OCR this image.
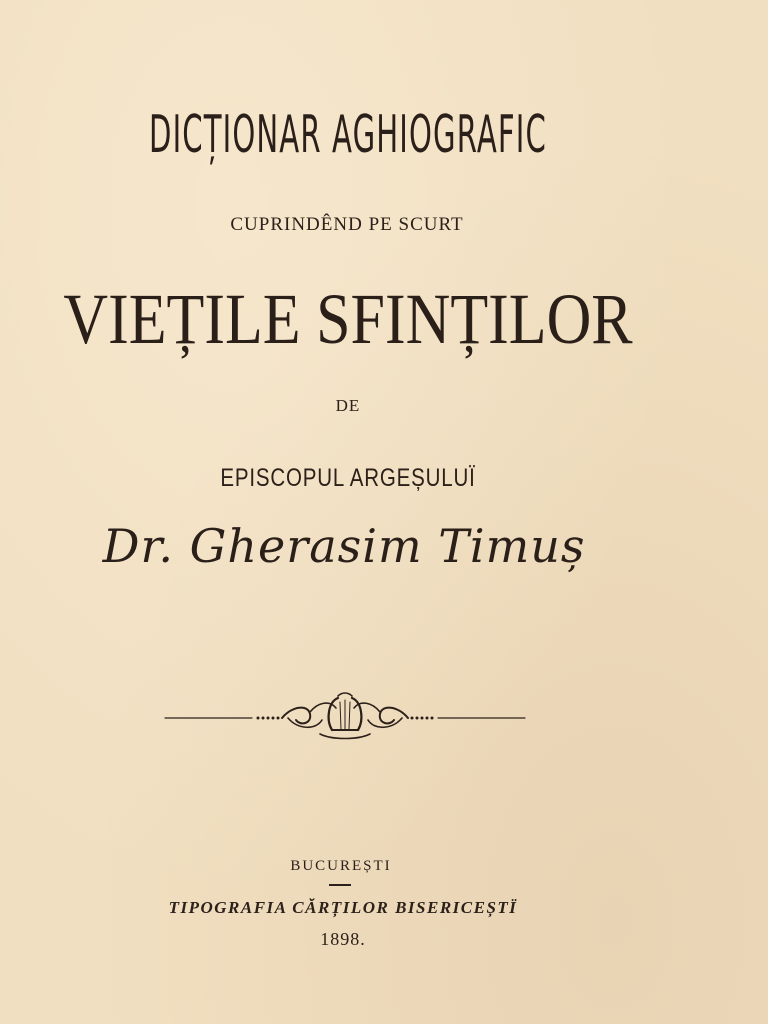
DICȚIONAR AGHIOGRAFIC
CUPRINDÊND PE SCURT
VIEȚILE SFINȚILOR
DE
EPISCOPUL ARGEȘULUÏ
Dr. Gherasim Timuș
BUCUREȘTI
TIPOGRAFIA CĂRȚILOR BISERICEȘTÏ
1898.
